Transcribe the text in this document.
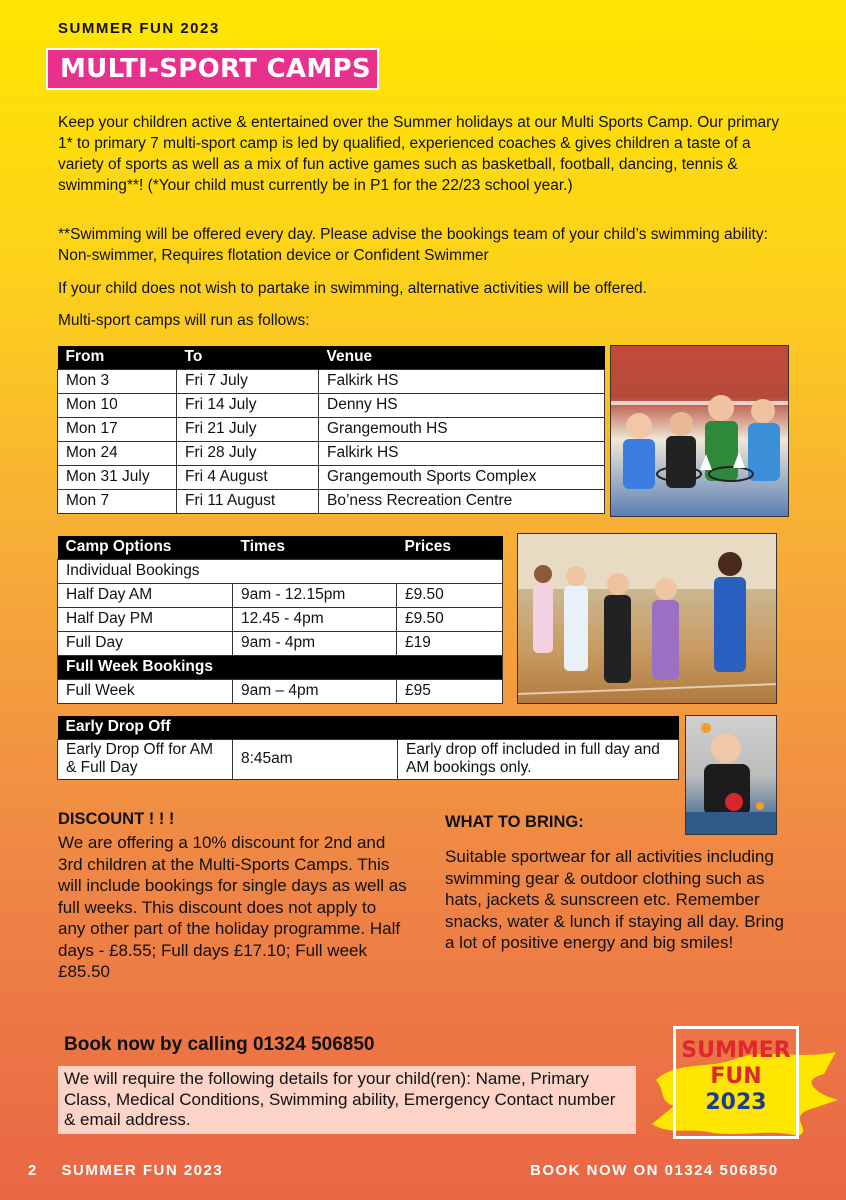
SUMMER FUN 2023
MULTI-SPORT CAMPS

Keep your children active & entertained over the Summer holidays at our Multi Sports Camp. Our primary 1* to primary 7 multi-sport camp is led by qualified, experienced coaches & gives children a taste of a variety of sports as well as a mix of fun active games such as basketball, football, dancing, tennis & swimming**! (*Your child must currently be in P1 for the 22/23 school year.)

**Swimming will be offered every day. Please advise the bookings team of your child’s swimming ability: Non-swimmer, Requires flotation device or Confident Swimmer

If your child does not wish to partake in swimming, alternative activities will be offered.

Multi-sport camps will run as follows:

From	To	Venue
Mon 3	Fri 7 July	Falkirk HS
Mon 10	Fri 14 July	Denny HS
Mon 17	Fri 21 July	Grangemouth HS
Mon 24	Fri 28 July	Falkirk HS
Mon 31 July	Fri 4 August	Grangemouth Sports Complex
Mon 7	Fri 11 August	Bo’ness Recreation Centre
Camp Options	Times	Prices
Individual Bookings		
Half Day AM	9am - 12.15pm	£9.50
Half Day PM	12.45 - 4pm	£9.50
Full Day	9am - 4pm	£19
Full Week Bookings		
Full Week	9am – 4pm	£95
Early Drop Off
Early Drop Off for AM & Full Day	8:45am	Early drop off included in full day and AM bookings only.
DISCOUNT ! ! !

We are offering a 10% discount for 2nd and 3rd children at the Multi-Sports Camps. This will include bookings for single days as well as full weeks. This discount does not apply to any other part of the holiday programme. Half days - £8.55; Full days £17.10; Full week £85.50

WHAT TO BRING:

Suitable sportwear for all activities including swimming gear & outdoor clothing such as hats, jackets & sunscreen etc. Remember snacks, water & lunch if staying all day. Bring a lot of positive energy and big smiles!

Book now by calling 01324 506850
We will require the following details for your child(ren): Name, Primary Class, Medical Conditions, Swimming ability, Emergency Contact number & email address.
SUMMER
FUN
2023
2 SUMMER FUN 2023	BOOK NOW ON 01324 506850
